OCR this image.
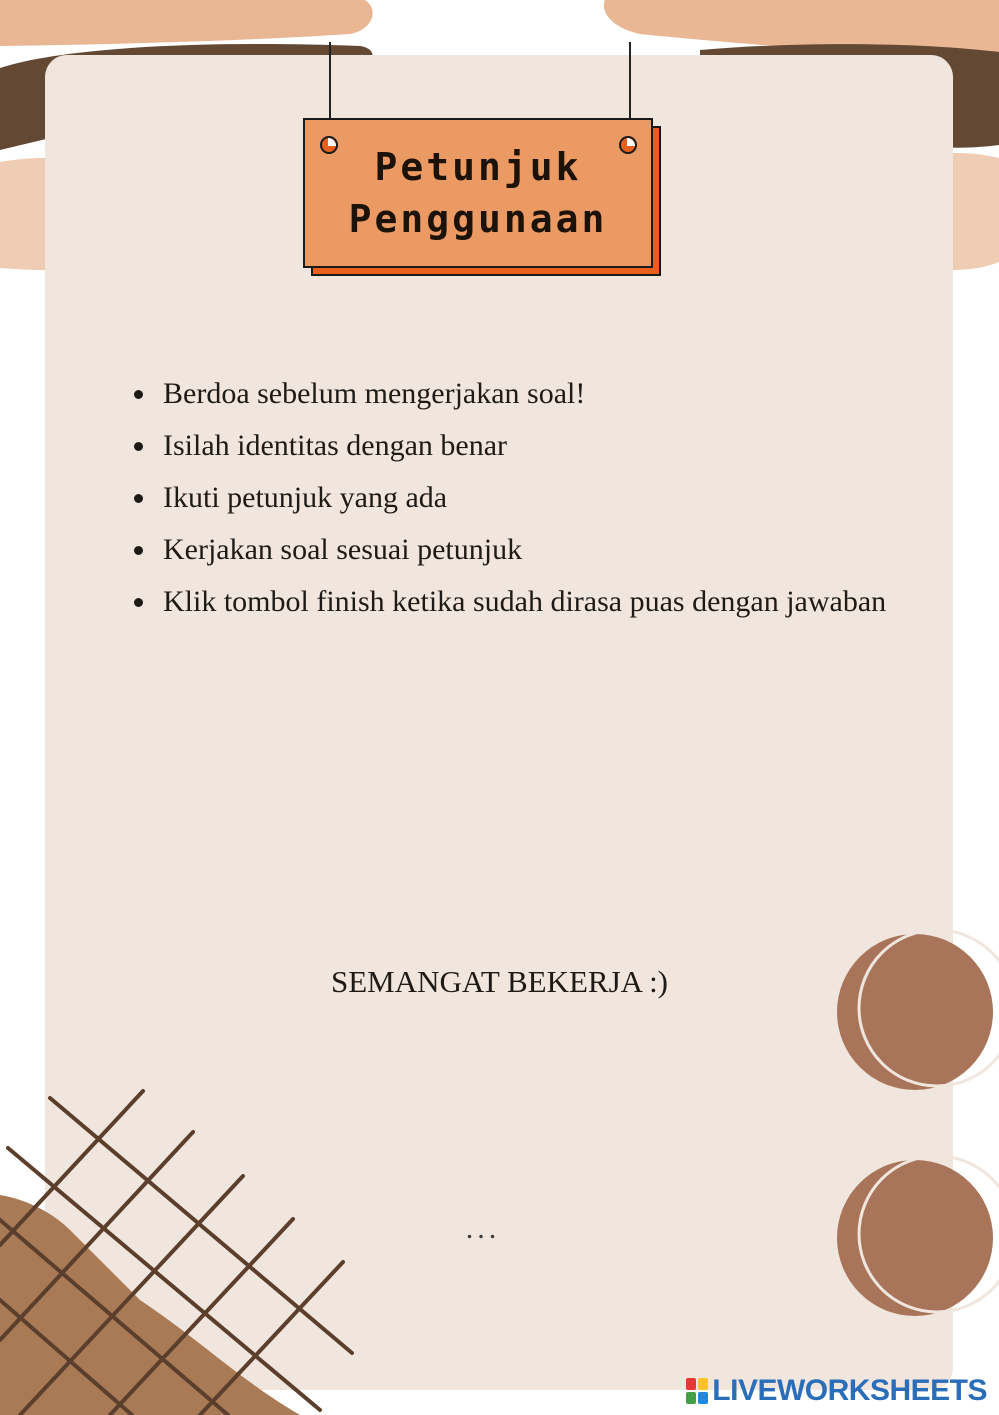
Petunjuk
Penggunaan
Berdoa sebelum mengerjakan soal!
Isilah identitas dengan benar
Ikuti petunjuk yang ada
Kerjakan soal sesuai petunjuk
Klik tombol finish ketika sudah dirasa puas dengan jawaban
SEMANGAT BEKERJA :)
...
LIVEWORKSHEETS
